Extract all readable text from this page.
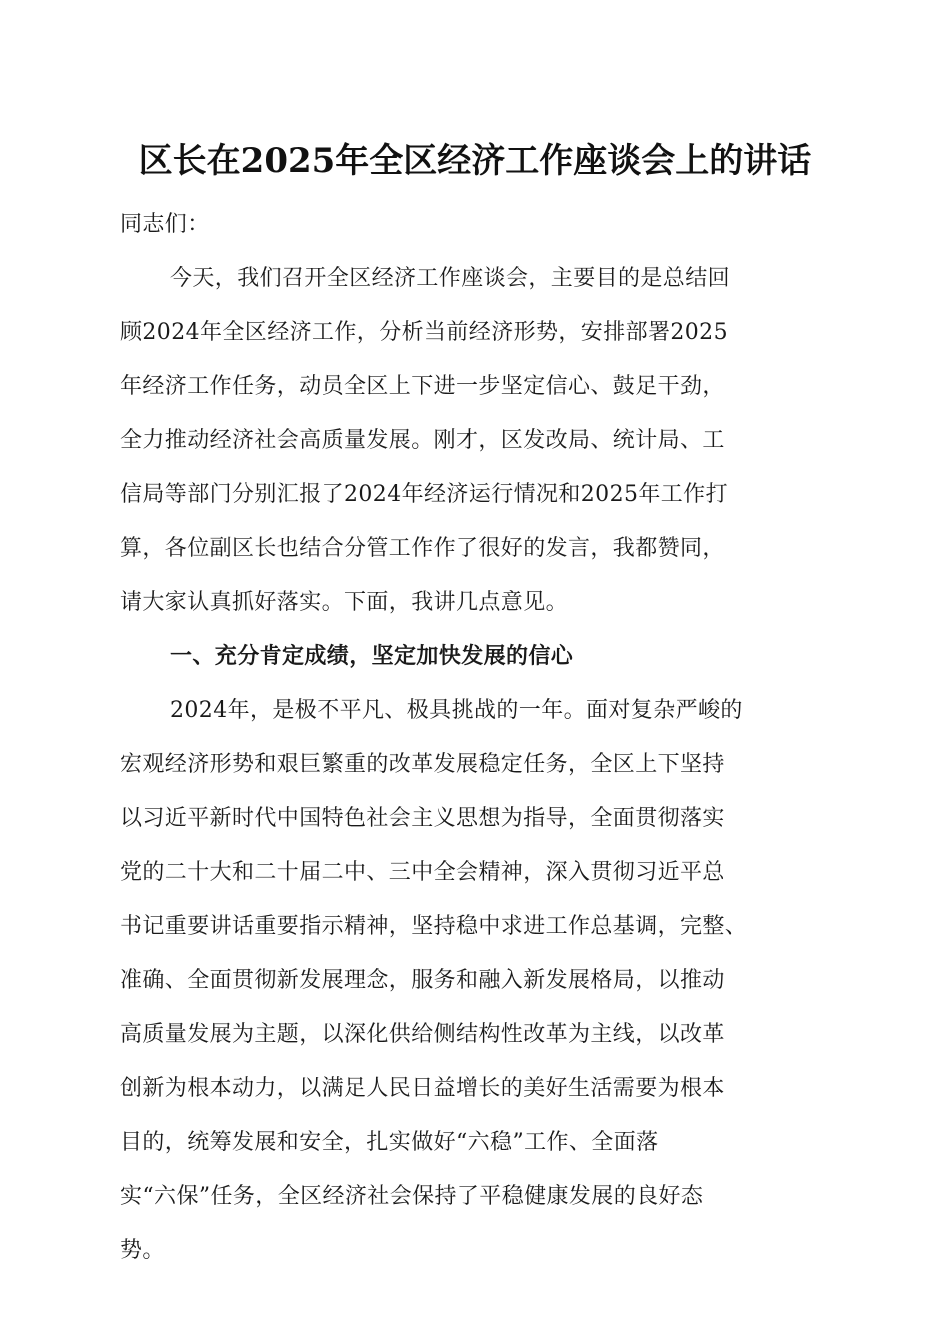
区长在2025年全区经济工作座谈会上的讲话
同志们：
今天，我们召开全区经济工作座谈会，主要目的是总结回
顾2024年全区经济工作，分析当前经济形势，安排部署2025
年经济工作任务，动员全区上下进一步坚定信心、鼓足干劲，
全力推动经济社会高质量发展。刚才，区发改局、统计局、工
信局等部门分别汇报了2024年经济运行情况和2025年工作打
算，各位副区长也结合分管工作作了很好的发言，我都赞同，
请大家认真抓好落实。下面，我讲几点意见。
一、充分肯定成绩，坚定加快发展的信心
2024年，是极不平凡、极具挑战的一年。面对复杂严峻的
宏观经济形势和艰巨繁重的改革发展稳定任务，全区上下坚持
以习近平新时代中国特色社会主义思想为指导，全面贯彻落实
党的二十大和二十届二中、三中全会精神，深入贯彻习近平总
书记重要讲话重要指示精神，坚持稳中求进工作总基调，完整、
准确、全面贯彻新发展理念，服务和融入新发展格局，以推动
高质量发展为主题，以深化供给侧结构性改革为主线，以改革
创新为根本动力，以满足人民日益增长的美好生活需要为根本
目的，统筹发展和安全，扎实做好“六稳”工作、全面落
实“六保”任务，全区经济社会保持了平稳健康发展的良好态
势。
